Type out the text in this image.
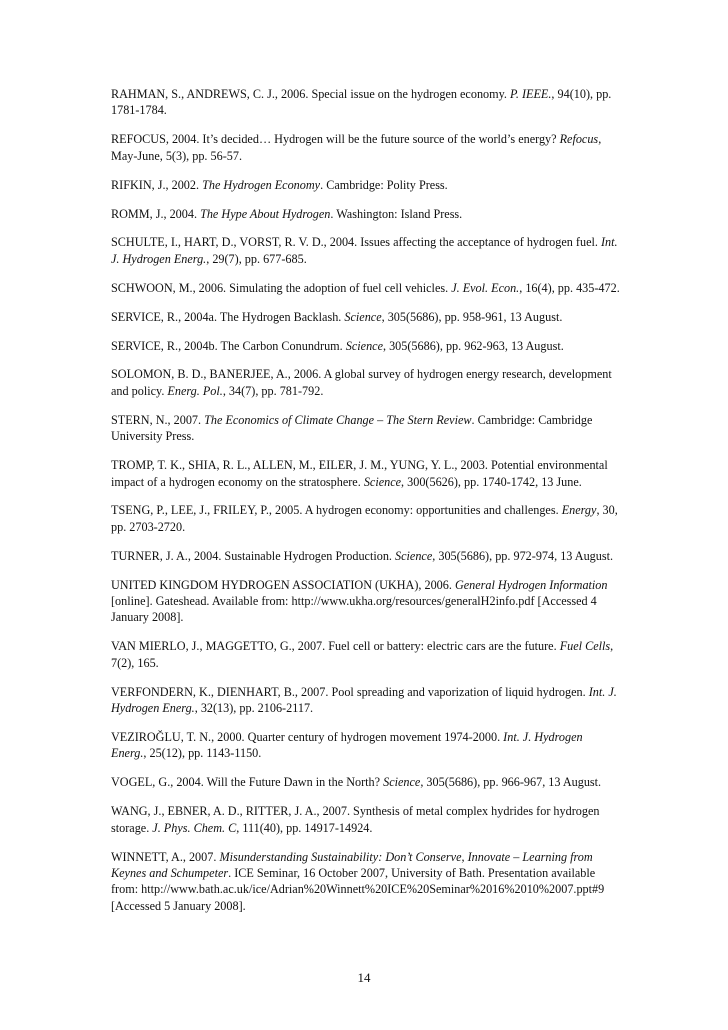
RAHMAN, S., ANDREWS, C. J., 2006. Special issue on the hydrogen economy. P. IEEE., 94(10), pp. 1781-1784.

REFOCUS, 2004. It’s decided… Hydrogen will be the future source of the world’s energy? Refocus, May-June, 5(3), pp. 56-57.

RIFKIN, J., 2002. The Hydrogen Economy. Cambridge: Polity Press.

ROMM, J., 2004. The Hype About Hydrogen. Washington: Island Press.

SCHULTE, I., HART, D., VORST, R. V. D., 2004. Issues affecting the acceptance of hydrogen fuel. Int. J. Hydrogen Energ., 29(7), pp. 677-685.

SCHWOON, M., 2006. Simulating the adoption of fuel cell vehicles. J. Evol. Econ., 16(4), pp. 435-472.

SERVICE, R., 2004a. The Hydrogen Backlash. Science, 305(5686), pp. 958-961, 13 August.

SERVICE, R., 2004b. The Carbon Conundrum. Science, 305(5686), pp. 962-963, 13 August.

SOLOMON, B. D., BANERJEE, A., 2006. A global survey of hydrogen energy research, development and policy. Energ. Pol., 34(7), pp. 781-792.

STERN, N., 2007. The Economics of Climate Change – The Stern Review. Cambridge: Cambridge University Press.

TROMP, T. K., SHIA, R. L., ALLEN, M., EILER, J. M., YUNG, Y. L., 2003. Potential environmental impact of a hydrogen economy on the stratosphere. Science, 300(5626), pp. 1740-1742, 13 June.

TSENG, P., LEE, J., FRILEY, P., 2005. A hydrogen economy: opportunities and challenges. Energy, 30, pp. 2703-2720.

TURNER, J. A., 2004. Sustainable Hydrogen Production. Science, 305(5686), pp. 972-974, 13 August.

UNITED KINGDOM HYDROGEN ASSOCIATION (UKHA), 2006. General Hydrogen Information [online]. Gateshead. Available from: http://www.ukha.org/resources/generalH2info.pdf [Accessed 4 January 2008].

VAN MIERLO, J., MAGGETTO, G., 2007. Fuel cell or battery: electric cars are the future. Fuel Cells, 7(2), 165.

VERFONDERN, K., DIENHART, B., 2007. Pool spreading and vaporization of liquid hydrogen. Int. J. Hydrogen Energ., 32(13), pp. 2106-2117.

VEZIROĞLU, T. N., 2000. Quarter century of hydrogen movement 1974-2000. Int. J. Hydrogen Energ., 25(12), pp. 1143-1150.

VOGEL, G., 2004. Will the Future Dawn in the North? Science, 305(5686), pp. 966-967, 13 August.

WANG, J., EBNER, A. D., RITTER, J. A., 2007. Synthesis of metal complex hydrides for hydrogen storage. J. Phys. Chem. C, 111(40), pp. 14917-14924.

WINNETT, A., 2007. Misunderstanding Sustainability: Don’t Conserve, Innovate – Learning from Keynes and Schumpeter. ICE Seminar, 16 October 2007, University of Bath. Presentation available from: http://www.bath.ac.uk/ice/Adrian%20Winnett%20ICE%20Seminar%2016%2010%2007.ppt#9 [Accessed 5 January 2008].

14
